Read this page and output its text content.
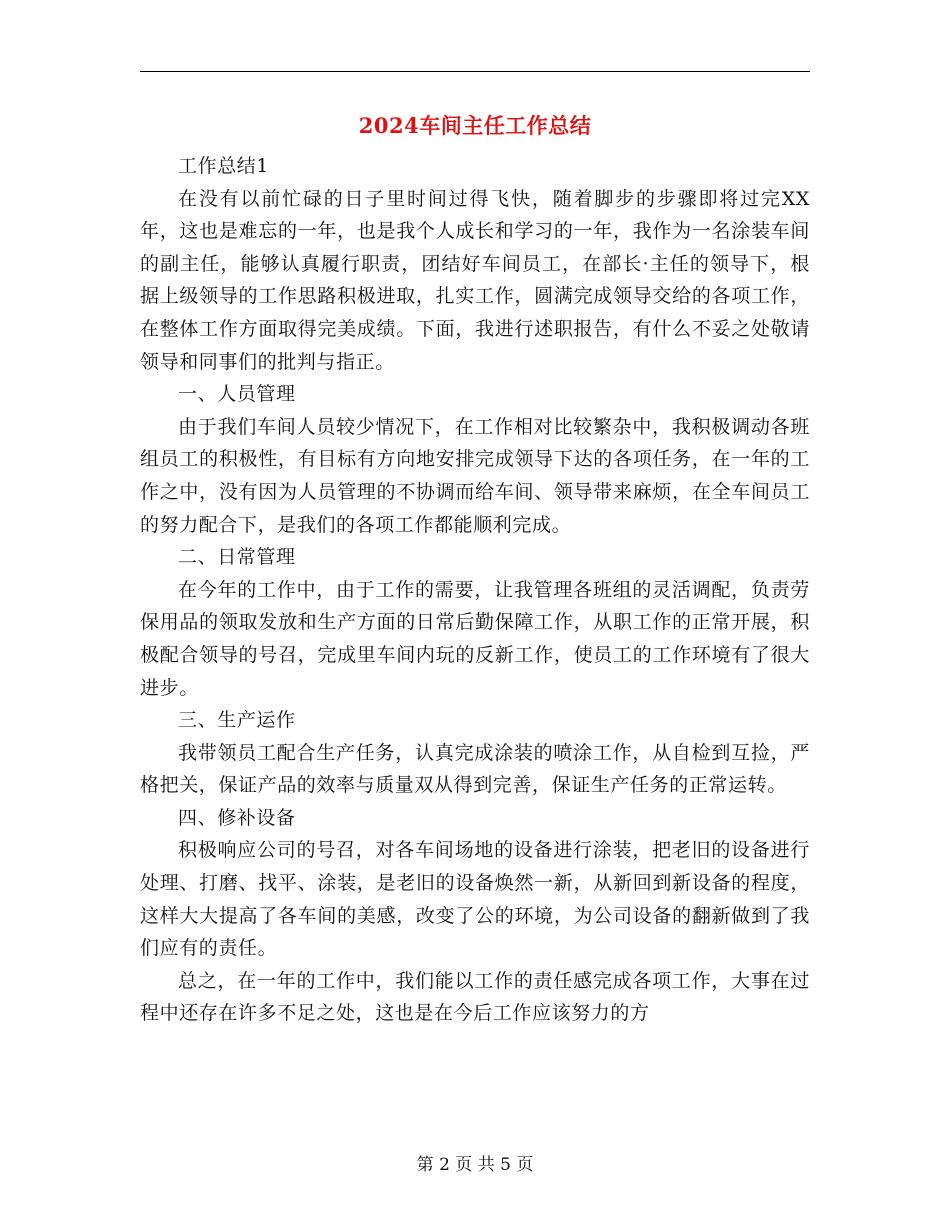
2024车间主任工作总结

工作总结1

在没有以前忙碌的日子里时间过得飞快，随着脚步的步骤即将过完XX年，这也是难忘的一年，也是我个人成长和学习的一年，我作为一名涂装车间的副主任，能够认真履行职责，团结好车间员工，在部长·主任的领导下，根据上级领导的工作思路积极进取，扎实工作，圆满完成领导交给的各项工作，在整体工作方面取得完美成绩。下面，我进行述职报告，有什么不妥之处敬请领导和同事们的批判与指正。

一、人员管理

由于我们车间人员较少情况下，在工作相对比较繁杂中，我积极调动各班组员工的积极性，有目标有方向地安排完成领导下达的各项任务，在一年的工作之中，没有因为人员管理的不协调而给车间、领导带来麻烦，在全车间员工的努力配合下，是我们的各项工作都能顺利完成。

二、日常管理

在今年的工作中，由于工作的需要，让我管理各班组的灵活调配，负责劳保用品的领取发放和生产方面的日常后勤保障工作，从职工作的正常开展，积极配合领导的号召，完成里车间内玩的反新工作，使员工的工作环境有了很大进步。

三、生产运作

我带领员工配合生产任务，认真完成涂装的喷涂工作，从自检到互捡，严格把关，保证产品的效率与质量双从得到完善，保证生产任务的正常运转。

四、修补设备

积极响应公司的号召，对各车间场地的设备进行涂装，把老旧的设备进行处理、打磨、找平、涂装，是老旧的设备焕然一新，从新回到新设备的程度，这样大大提高了各车间的美感，改变了公的环境，为公司设备的翻新做到了我们应有的责任。

总之，在一年的工作中，我们能以工作的责任感完成各项工作，大事在过程中还存在许多不足之处，这也是在今后工作应该努力的方

第 2 页 共 5 页
